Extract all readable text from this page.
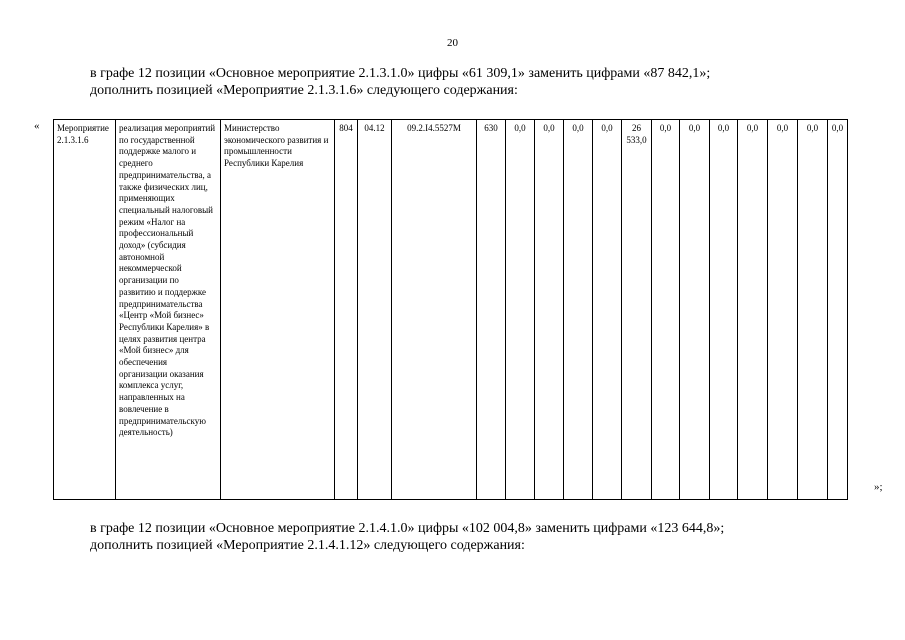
20
в графе 12 позиции «Основное мероприятие 2.1.3.1.0» цифры «61 309,1» заменить цифрами «87 842,1»;
дополнить позицией «Мероприятие 2.1.3.1.6» следующего содержания:
« Мероприятие 2.1.3.1.6	реализация мероприятий по государственной поддержке малого и среднего предпринимательства, а также физических лиц, применяющих специальный налоговый режим «Налог на профессиональный доход» (субсидия автономной некоммерческой организации по развитию и поддержке предпринимательства «Центр «Мой бизнес» Республики Карелия» в целях развития центра «Мой бизнес» для обеспечения организации оказания комплекса услуг, направленных на вовлечение в предпринимательскую деятельность)	Министерство экономического развития и промышленности Республики Карелия	804	04.12	09.2.I4.5527M	630	0,0	0,0	0,0	0,0	26 533,0	0,0	0,0	0,0	0,0	0,0	0,0	0,0
»;
в графе 12 позиции «Основное мероприятие 2.1.4.1.0» цифры «102 004,8» заменить цифрами «123 644,8»;
дополнить позицией «Мероприятие 2.1.4.1.12» следующего содержания:
